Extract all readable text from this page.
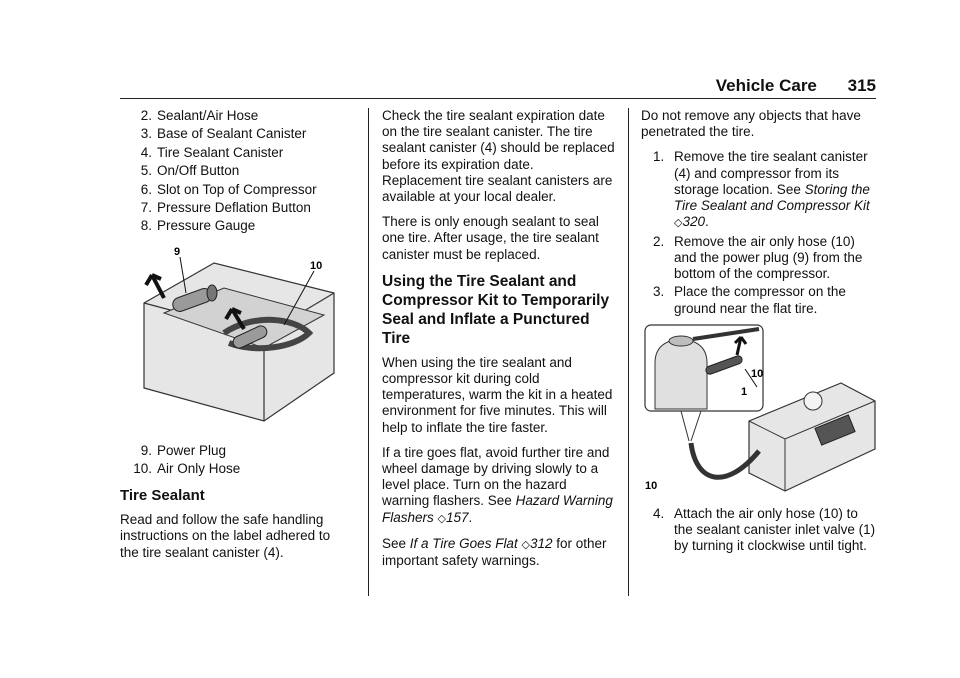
Vehicle Care 315
2. Sealant/Air Hose
3. Base of Sealant Canister
4. Tire Sealant Canister
5. On/Off Button
6. Slot on Top of Compressor
7. Pressure Deflation Button
8. Pressure Gauge
9
10
9. Power Plug
10. Air Only Hose
Tire Sealant

Read and follow the safe handling instructions on the label adhered to the tire sealant canister (4).

Check the tire sealant expiration date on the tire sealant canister. The tire sealant canister (4) should be replaced before its expiration date. Replacement tire sealant canisters are available at your local dealer.

There is only enough sealant to seal one tire. After usage, the tire sealant canister must be replaced.

Using the Tire Sealant and Compressor Kit to Temporarily Seal and Inflate a Punctured Tire

When using the tire sealant and compressor kit during cold temperatures, warm the kit in a heated environment for five minutes. This will help to inflate the tire faster.

If a tire goes flat, avoid further tire and wheel damage by driving slowly to a level place. Turn on the hazard warning flashers. See Hazard Warning Flashers ◇157.

See If a Tire Goes Flat ◇312 for other important safety warnings.

Do not remove any objects that have penetrated the tire.

1. Remove the tire sealant canister (4) and compressor from its storage location. See Storing the Tire Sealant and Compressor Kit ◇320.
2. Remove the air only hose (10) and the power plug (9) from the bottom of the compressor.
3. Place the compressor on the ground near the flat tire.
10
1
10
4. Attach the air only hose (10) to the sealant canister inlet valve (1) by turning it clockwise until tight.
